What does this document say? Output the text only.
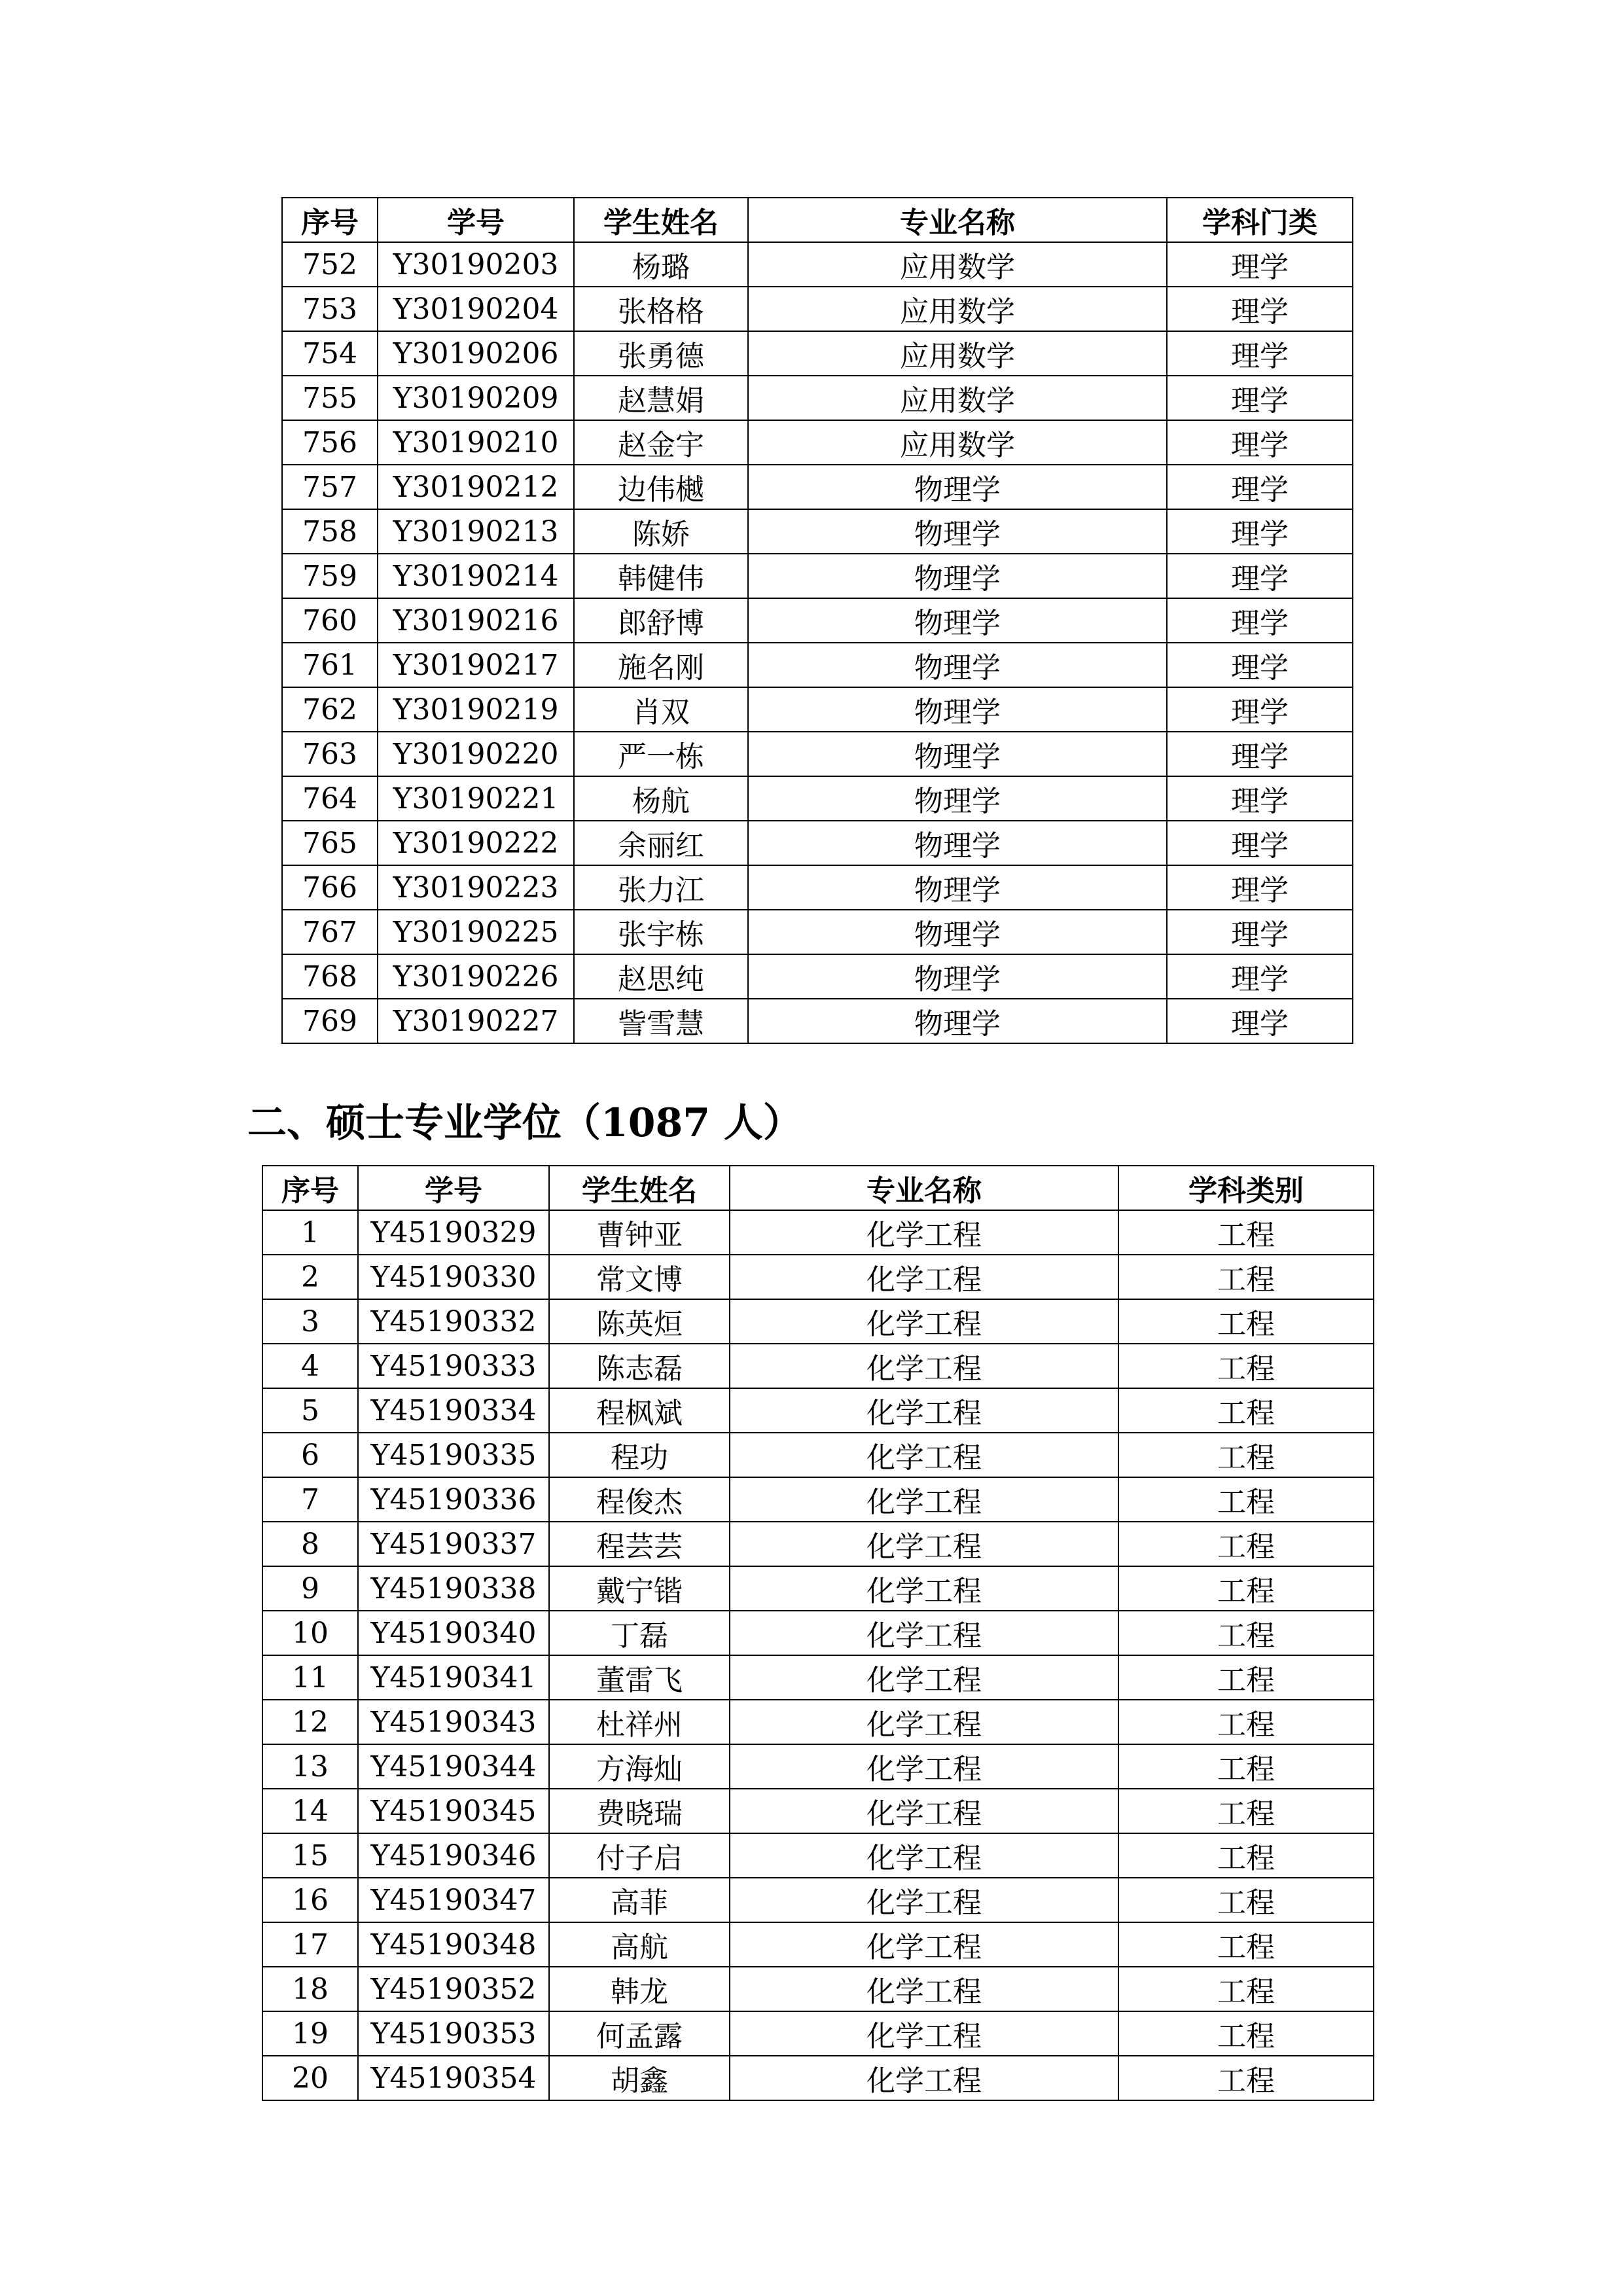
序号	学号	学生姓名	专业名称	学科门类
752	Y30190203	杨璐	应用数学	理学
753	Y30190204	张格格	应用数学	理学
754	Y30190206	张勇德	应用数学	理学
755	Y30190209	赵慧娟	应用数学	理学
756	Y30190210	赵金宇	应用数学	理学
757	Y30190212	边伟樾	物理学	理学
758	Y30190213	陈娇	物理学	理学
759	Y30190214	韩健伟	物理学	理学
760	Y30190216	郎舒博	物理学	理学
761	Y30190217	施名刚	物理学	理学
762	Y30190219	肖双	物理学	理学
763	Y30190220	严一栋	物理学	理学
764	Y30190221	杨航	物理学	理学
765	Y30190222	余丽红	物理学	理学
766	Y30190223	张力江	物理学	理学
767	Y30190225	张宇栋	物理学	理学
768	Y30190226	赵思纯	物理学	理学
769	Y30190227	訾雪慧	物理学	理学
二、硕士专业学位（1087 人）
序号	学号	学生姓名	专业名称	学科类别
1	Y45190329	曹钟亚	化学工程	工程
2	Y45190330	常文博	化学工程	工程
3	Y45190332	陈英烜	化学工程	工程
4	Y45190333	陈志磊	化学工程	工程
5	Y45190334	程枫斌	化学工程	工程
6	Y45190335	程功	化学工程	工程
7	Y45190336	程俊杰	化学工程	工程
8	Y45190337	程芸芸	化学工程	工程
9	Y45190338	戴宁锴	化学工程	工程
10	Y45190340	丁磊	化学工程	工程
11	Y45190341	董雷飞	化学工程	工程
12	Y45190343	杜祥州	化学工程	工程
13	Y45190344	方海灿	化学工程	工程
14	Y45190345	费晓瑞	化学工程	工程
15	Y45190346	付子启	化学工程	工程
16	Y45190347	高菲	化学工程	工程
17	Y45190348	高航	化学工程	工程
18	Y45190352	韩龙	化学工程	工程
19	Y45190353	何孟露	化学工程	工程
20	Y45190354	胡鑫	化学工程	工程
